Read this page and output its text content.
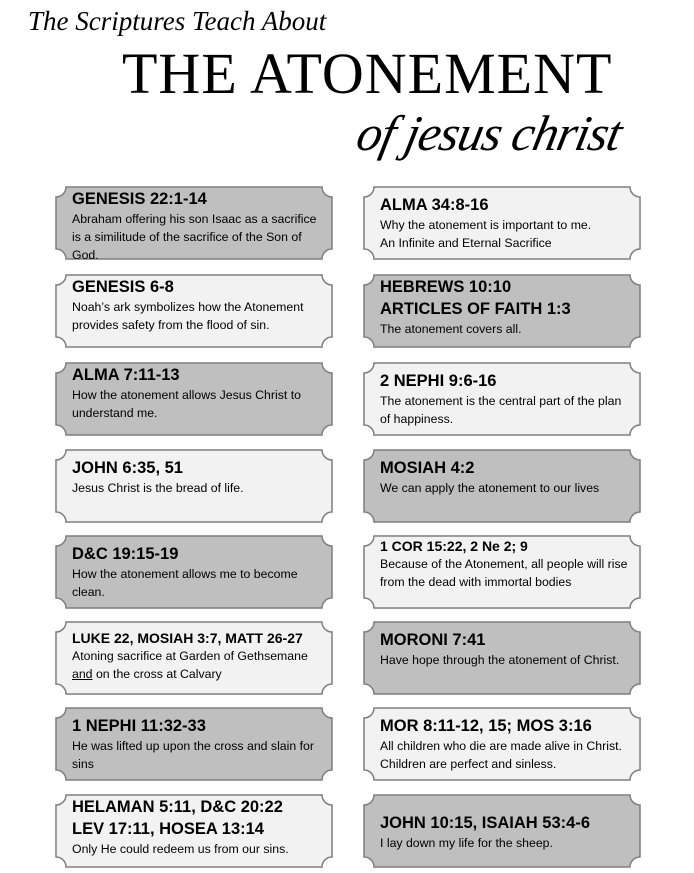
The Scriptures Teach About
THE ATONEMENT
of jesus christ
GENESIS 22:1-14

Abraham offering his son Isaac as a sacrifice is a similitude of the sacrifice of the Son of God.

GENESIS 6-8

Noah’s ark symbolizes how the Atonement provides safety from the flood of sin.

ALMA 7:11-13

How the atonement allows Jesus Christ to understand me.

JOHN 6:35, 51

Jesus Christ is the bread of life.

D&C 19:15-19

How the atonement allows me to become clean.

LUKE 22, MOSIAH 3:7, MATT 26-27

Atoning sacrifice at Garden of Gethsemane and on the cross at Calvary

1 NEPHI 11:32-33

He was lifted up upon the cross and slain for sins

HELAMAN 5:11, D&C 20:22
LEV 17:11, HOSEA 13:14

Only He could redeem us from our sins.

ALMA 34:8-16

Why the atonement is important to me.

An Infinite and Eternal Sacrifice

HEBREWS 10:10
ARTICLES OF FAITH 1:3

The atonement covers all.

2 NEPHI 9:6-16

The atonement is the central part of the plan of happiness.

MOSIAH 4:2

We can apply the atonement to our lives

1 COR 15:22, 2 Ne 2; 9

Because of the Atonement, all people will rise from the dead with immortal bodies

MORONI 7:41

Have hope through the atonement of Christ.

MOR 8:11-12, 15; MOS 3:16

All children who die are made alive in Christ. Children are perfect and sinless.

JOHN 10:15, ISAIAH 53:4-6

I lay down my life for the sheep.
